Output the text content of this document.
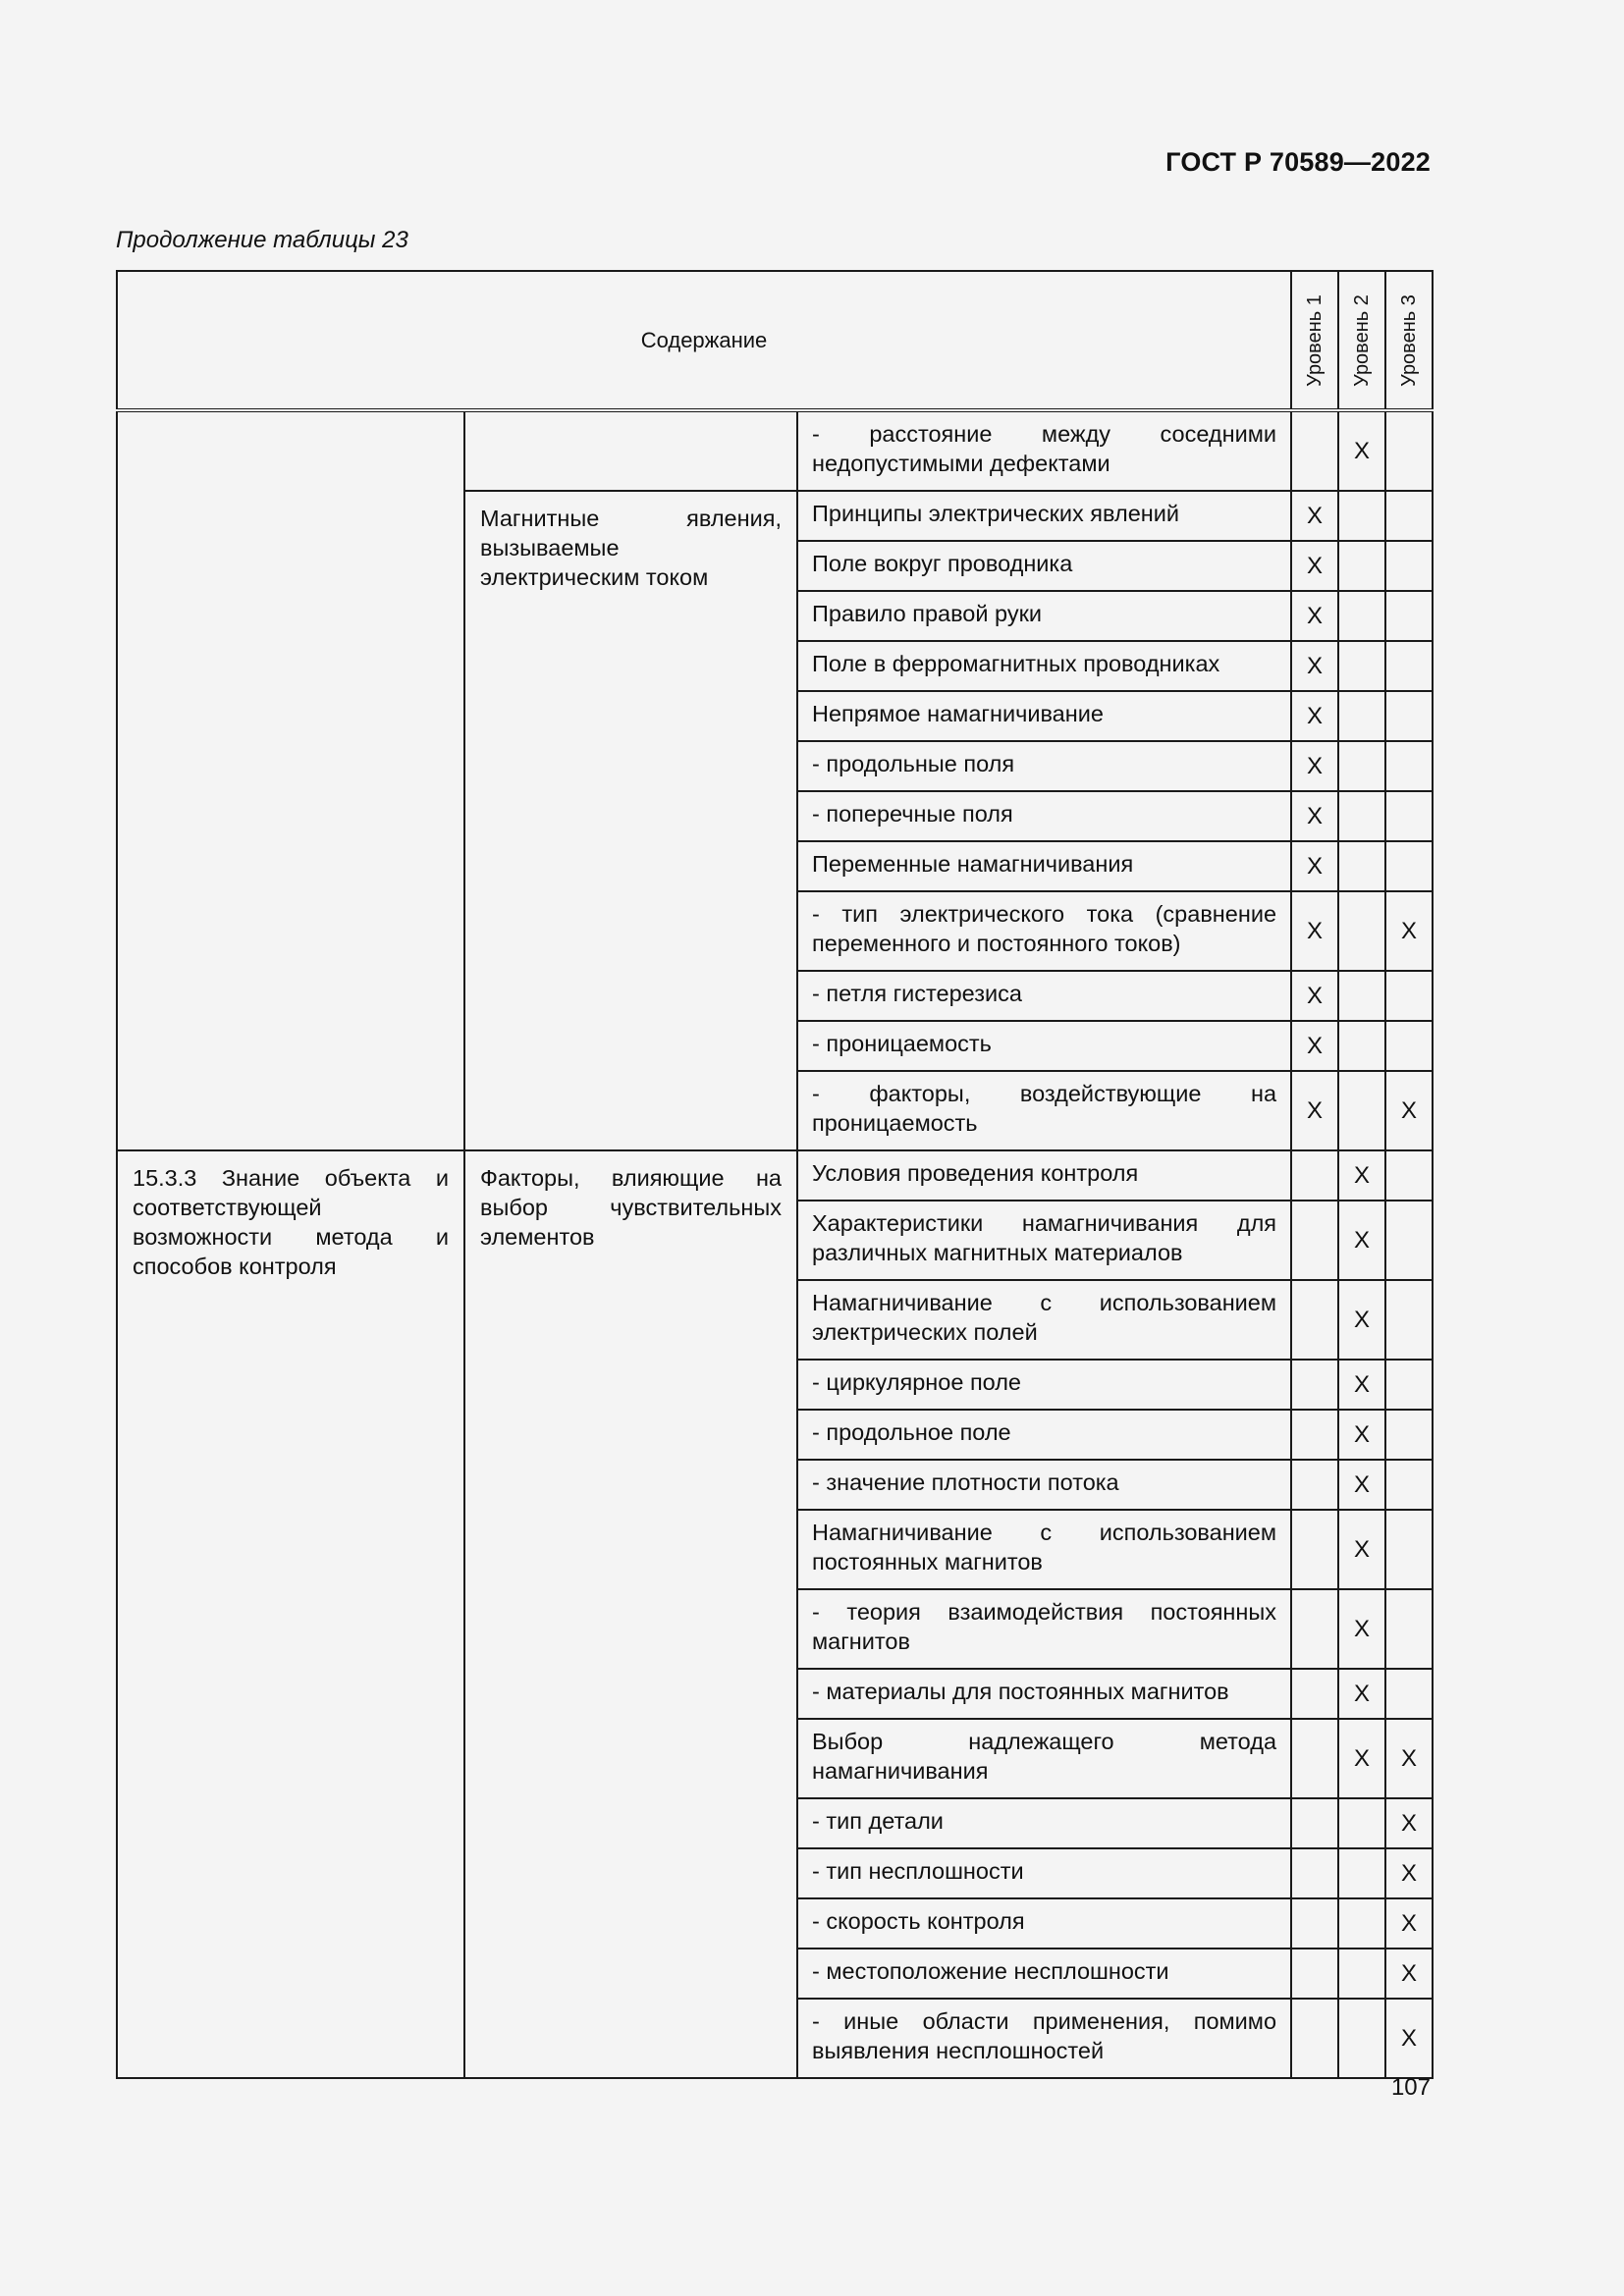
ГОСТ Р 70589—2022
Продолжение таблицы 23
Содержание			Уровень 1	Уровень 2	Уровень 3

		- расстояние между соседними недопустимыми дефектами		X	
	Магнитные явления, вызываемые электрическим током	Принципы электрических явлений	X		
		Поле вокруг проводника	X		
		Правило правой руки	X		
		Поле в ферромагнитных проводниках	X		
		Непрямое намагничивание	X		
		- продольные поля	X		
		- поперечные поля	X		
		Переменные намагничивания	X		
		- тип электрического тока (сравнение переменного и постоянного токов)	X		X
		- петля гистерезиса	X		
		- проницаемость	X		
		- факторы, воздействующие на проницаемость	X		X
15.3.3 Знание объекта и соответствующей возможности метода и способов контроля	Факторы, влияющие на выбор чувствительных элементов	Условия проведения контроля		X	
		Характеристики намагничивания для различных магнитных материалов		X	
		Намагничивание с использованием электрических полей		X	
		- циркулярное поле		X	
		- продольное поле		X	
		- значение плотности потока		X	
		Намагничивание с использованием постоянных магнитов		X	
		- теория взаимодействия постоянных магнитов		X	
		- материалы для постоянных магнитов		X	
		Выбор надлежащего метода намагничивания		X	X
		- тип детали			X
		- тип несплошности			X
		- скорость контроля			X
		- местоположение несплошности			X
		- иные области применения, помимо выявления несплошностей			X
107
